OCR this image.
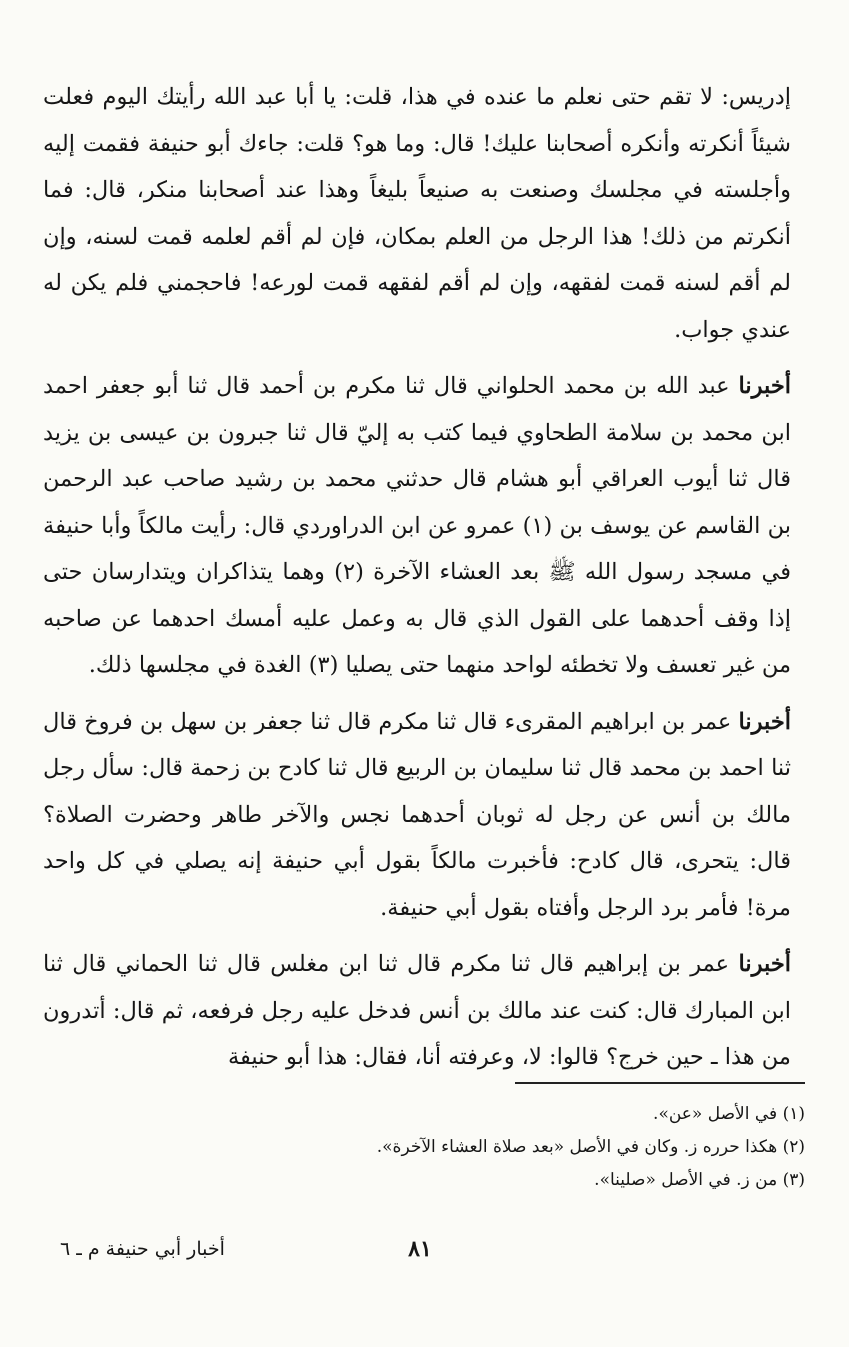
إدريس: لا تقم حتى نعلم ما عنده في هذا، قلت: يا أبا عبد الله رأيتك اليوم فعلت شيئاً أنكرته وأنكره أصحابنا عليك! قال: وما هو؟ قلت: جاءك أبو حنيفة فقمت إليه وأجلسته في مجلسك وصنعت به صنيعاً بليغاً وهذا عند أصحابنا منكر، قال: فما أنكرتم من ذلك! هذا الرجل من العلم بمكان، فإن لم أقم لعلمه قمت لسنه، وإن لم أقم لسنه قمت لفقهه، وإن لم أقم لفقهه قمت لورعه! فاحجمني فلم يكن له عندي جواب.

أخبرنا عبد الله بن محمد الحلواني قال ثنا مكرم بن أحمد قال ثنا أبو جعفر احمد ابن محمد بن سلامة الطحاوي فيما كتب به إليّ قال ثنا جبرون بن عيسى بن يزيد قال ثنا أيوب العراقي أبو هشام قال حدثني محمد بن رشيد صاحب عبد الرحمن بن القاسم عن يوسف بن (١) عمرو عن ابن الدراوردي قال: رأيت مالكاً وأبا حنيفة في مسجد رسول الله ﷺ بعد العشاء الآخرة (٢) وهما يتذاكران ويتدارسان حتى إذا وقف أحدهما على القول الذي قال به وعمل عليه أمسك احدهما عن صاحبه من غير تعسف ولا تخطئه لواحد منهما حتى يصليا (٣) الغدة في مجلسها ذلك.

أخبرنا عمر بن ابراهيم المقرىء قال ثنا مكرم قال ثنا جعفر بن سهل بن فروخ قال ثنا احمد بن محمد قال ثنا سليمان بن الربيع قال ثنا كادح بن زحمة قال: سأل رجل مالك بن أنس عن رجل له ثوبان أحدهما نجس والآخر طاهر وحضرت الصلاة؟ قال: يتحرى، قال كادح: فأخبرت مالكاً بقول أبي حنيفة إنه يصلي في كل واحد مرة! فأمر برد الرجل وأفتاه بقول أبي حنيفة.

أخبرنا عمر بن إبراهيم قال ثنا مكرم قال ثنا ابن مغلس قال ثنا الحماني قال ثنا ابن المبارك قال: كنت عند مالك بن أنس فدخل عليه رجل فرفعه، ثم قال: أتدرون من هذا ـ حين خرج؟ قالوا: لا، وعرفته أنا، فقال: هذا أبو حنيفة

(١) في الأصل «عن».

(٢) هكذا حرره ز. وكان في الأصل «بعد صلاة العشاء الآخرة».

(٣) من ز. في الأصل «صلينا».

٨١
أخبار أبي حنيفة م ـ ٦
